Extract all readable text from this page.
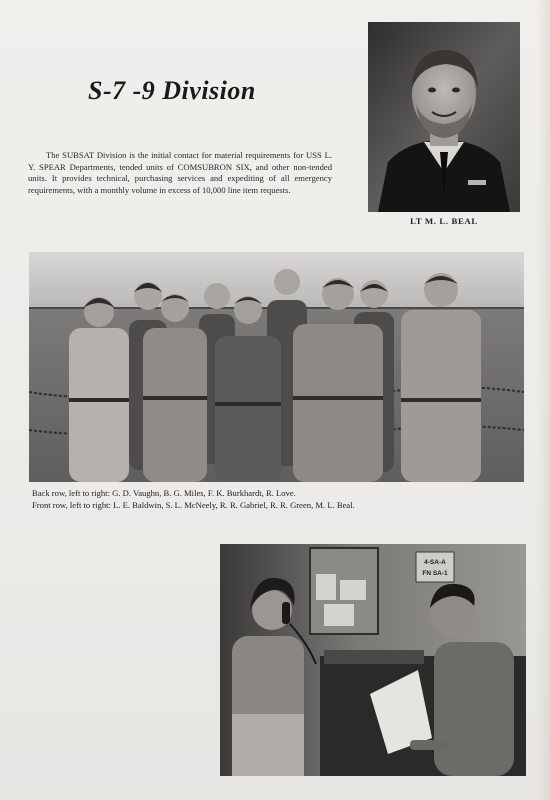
S-7 -9 Division
The SUBSAT Division is the initial contact for material requirements for USS L. Y. SPEAR Departments, tended units of COMSUBRON SIX, and other non-tended units. It provides technical, purchasing services and expediting of all emergency requirements, with a monthly volume in excess of 10,000 line item requests.
LT M. L. BEAL
Back row, left to right: G. D. Vaughn, B. G. Miles, F. K. Burkhardt, R. Love.
Front row, left to right: L. E. Baldwin, S. L. McNeely, R. R. Gabriel, R. R. Green, M. L. Beal.
4-SA-A
FN SA-1
